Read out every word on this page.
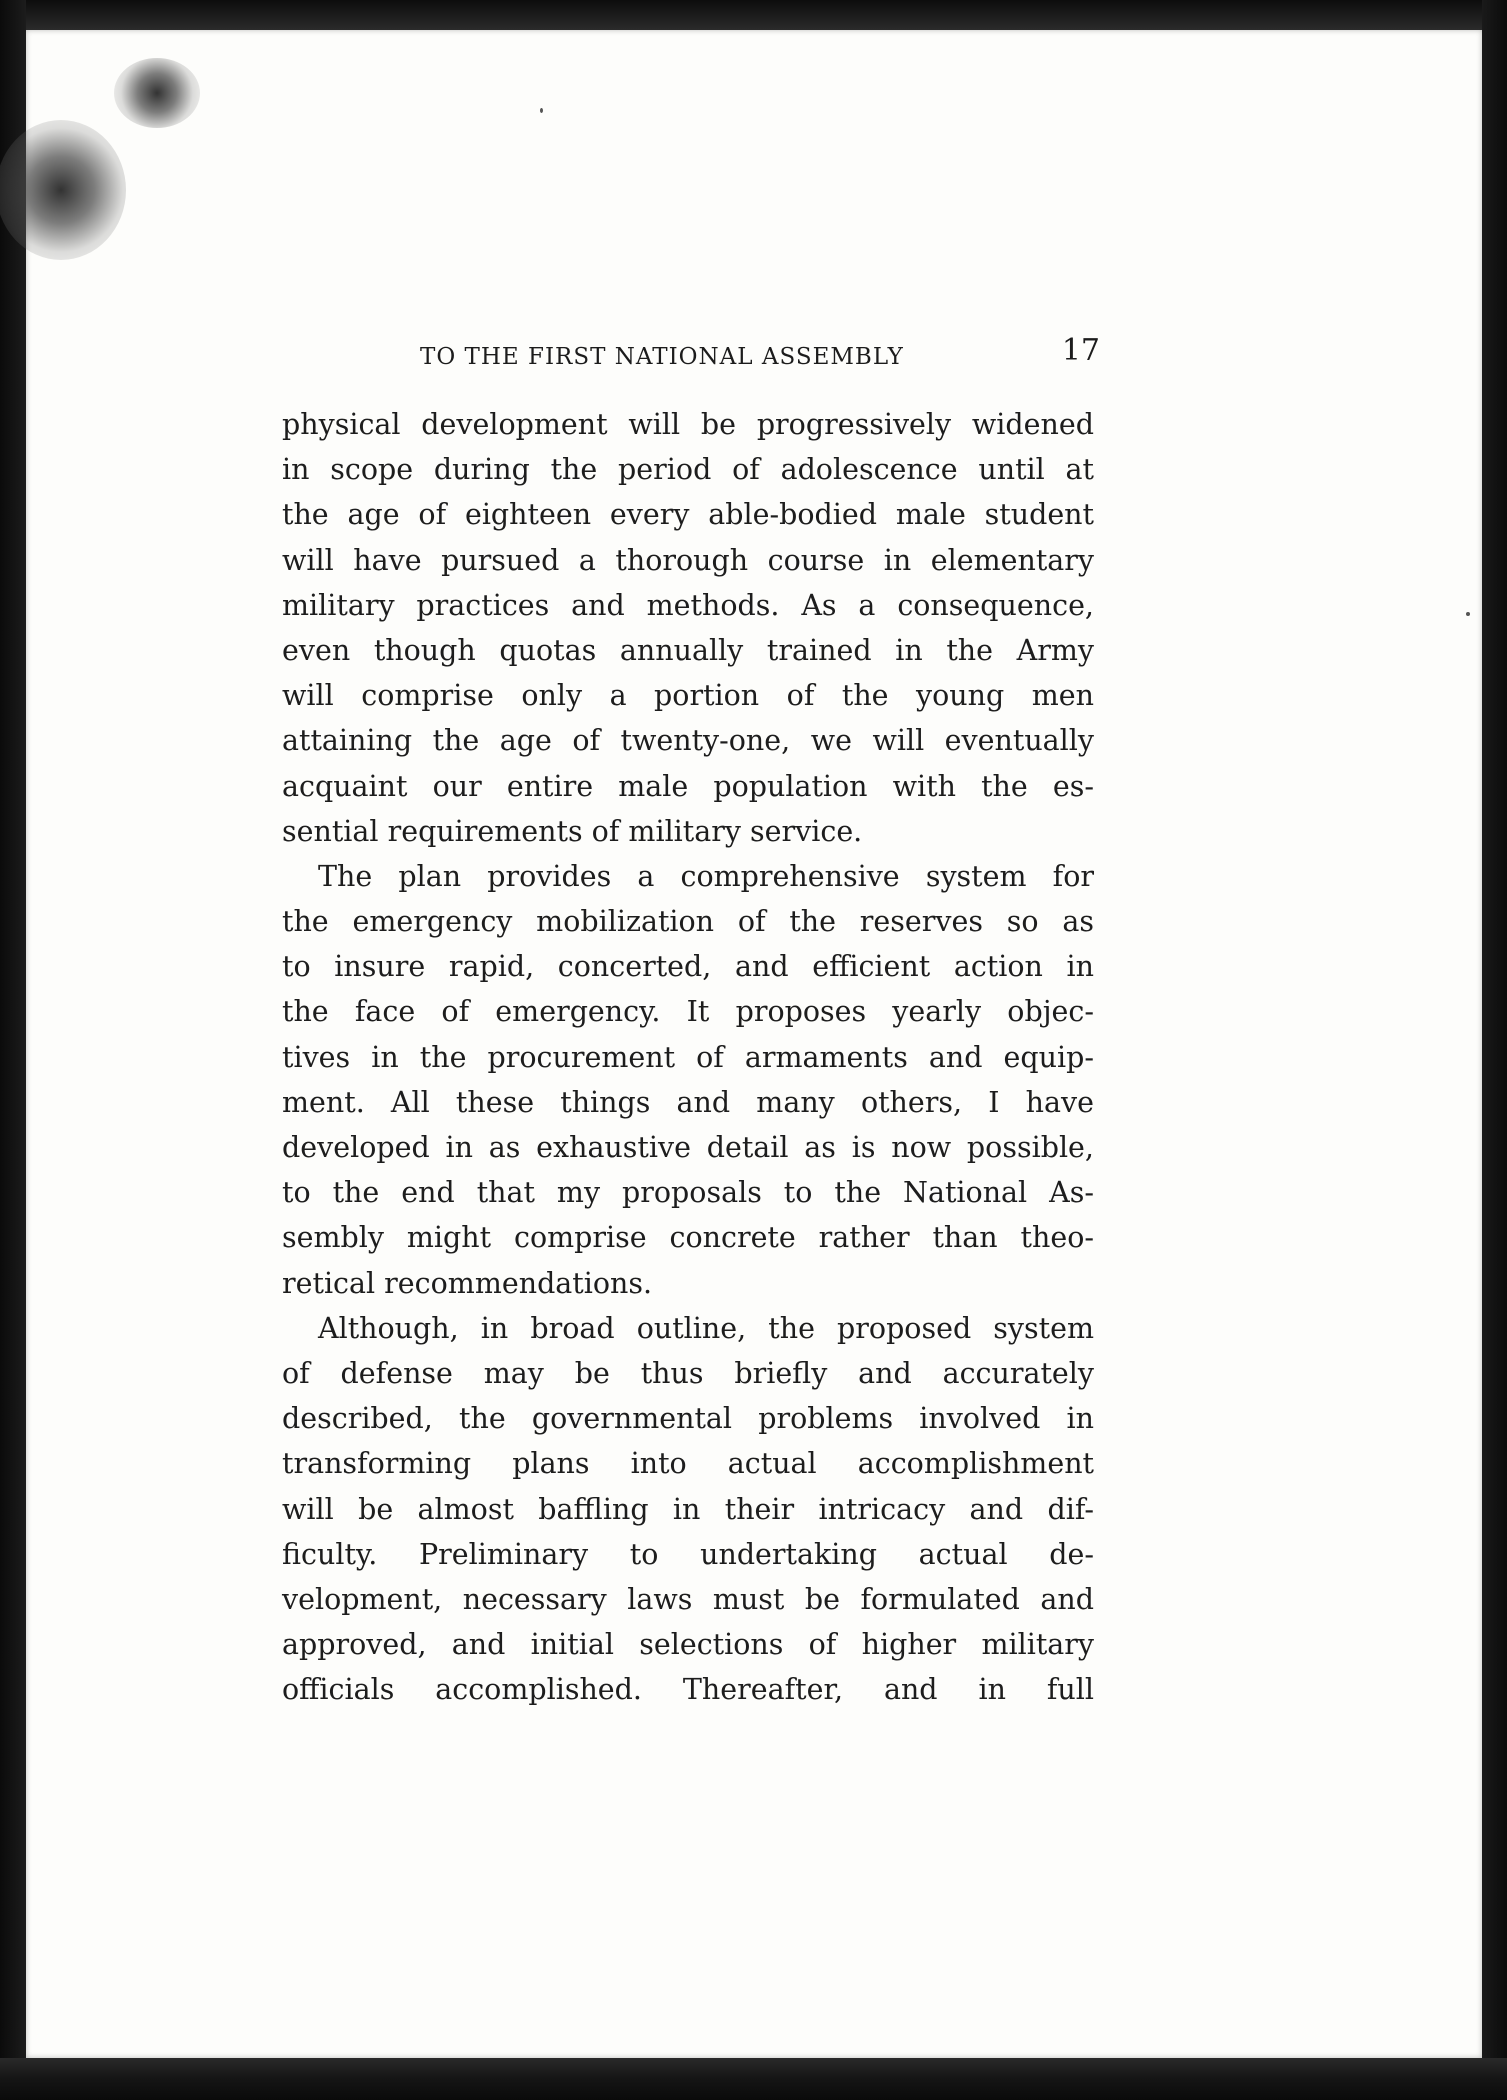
TO THE FIRST NATIONAL ASSEMBLY	17
physical development will be progressively widened
in scope during the period of adolescence until at
the age of eighteen every able-bodied male student
will have pursued a thorough course in elementary
military practices and methods. As a consequence,
even though quotas annually trained in the Army
will comprise only a portion of the young men
attaining the age of twenty-one, we will eventually
acquaint our entire male population with the es-
sential requirements of military service.
The plan provides a comprehensive system for
the emergency mobilization of the reserves so as
to insure rapid, concerted, and efficient action in
the face of emergency. It proposes yearly objec-
tives in the procurement of armaments and equip-
ment. All these things and many others, I have
developed in as exhaustive detail as is now possible,
to the end that my proposals to the National As-
sembly might comprise concrete rather than theo-
retical recommendations.
Although, in broad outline, the proposed system
of defense may be thus briefly and accurately
described, the governmental problems involved in
transforming plans into actual accomplishment
will be almost baffling in their intricacy and dif-
ficulty. Preliminary to undertaking actual de-
velopment, necessary laws must be formulated and
approved, and initial selections of higher military
officials accomplished. Thereafter, and in full
